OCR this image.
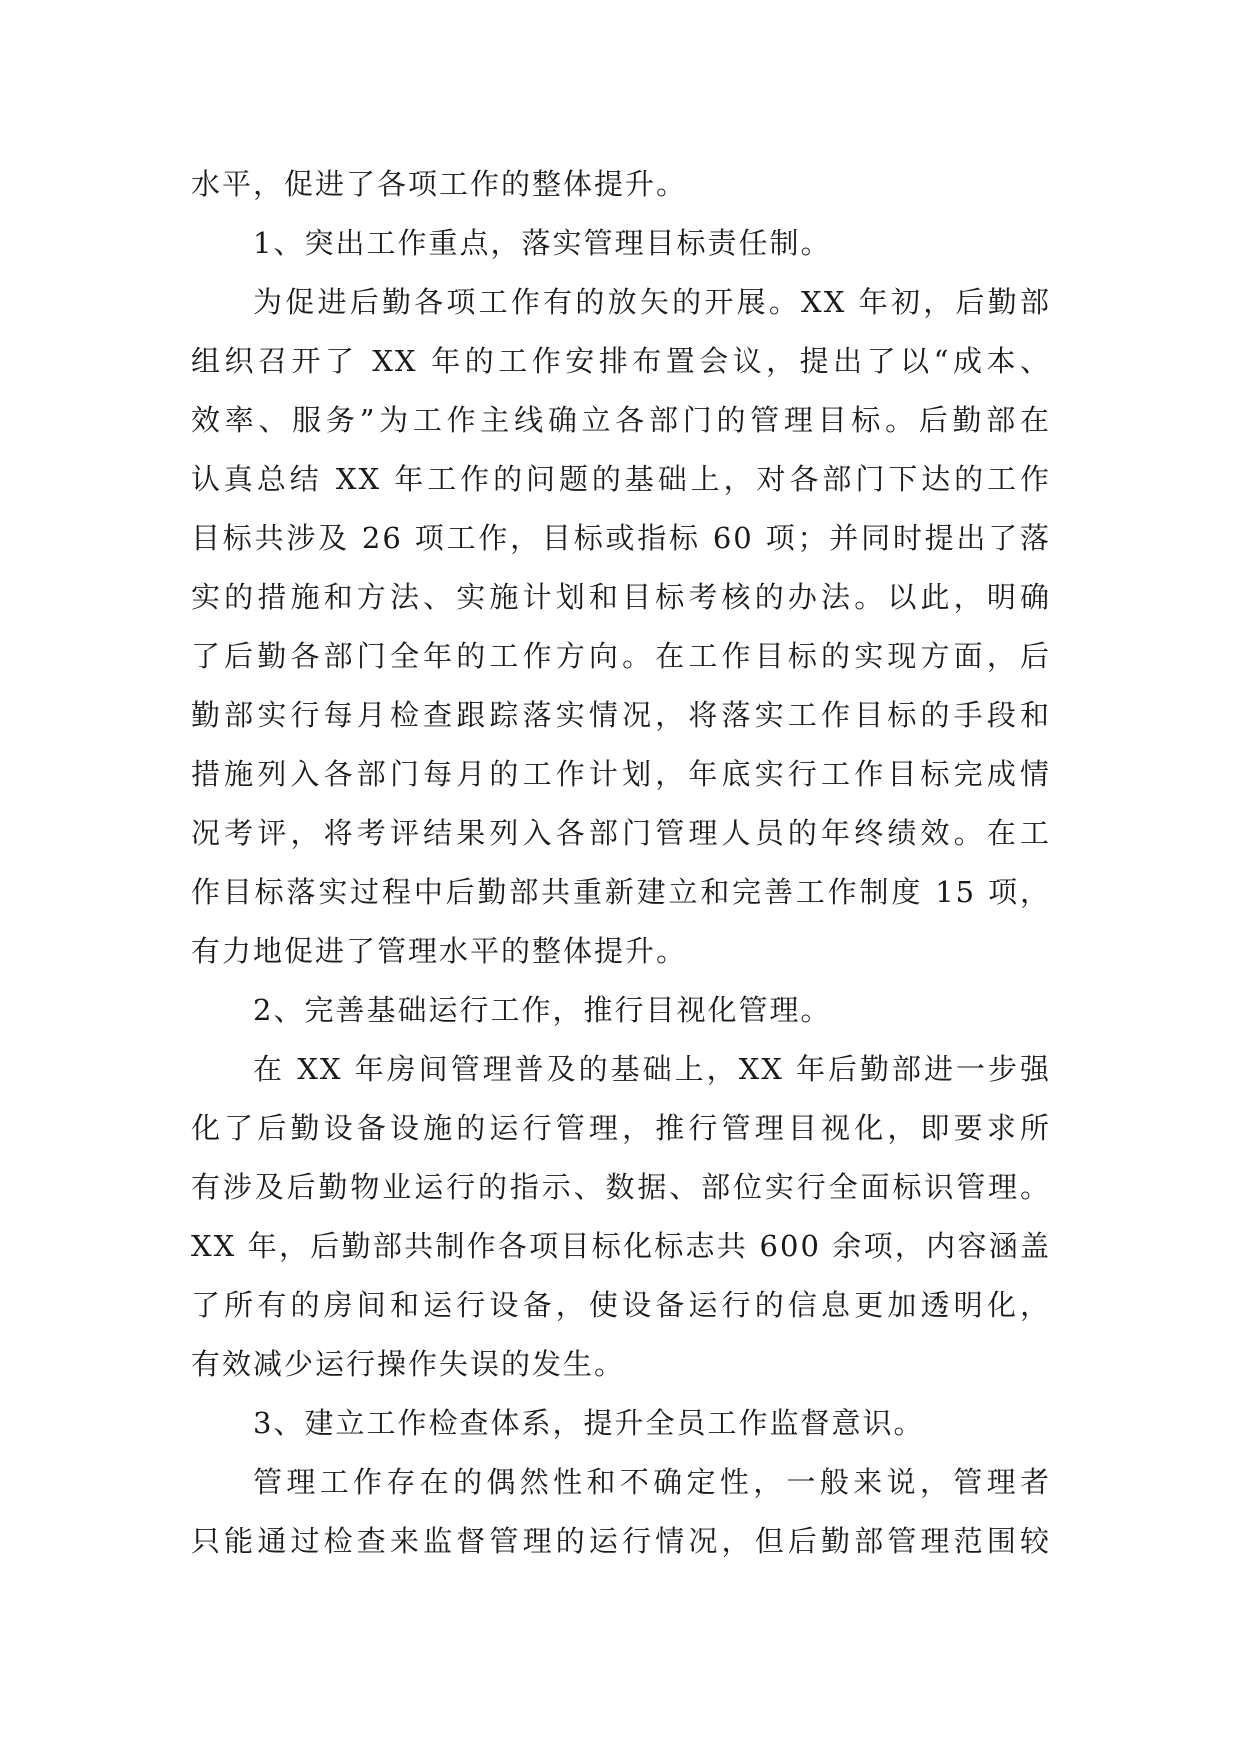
水平，促进了各项工作的整体提升。
1、突出工作重点，落实管理目标责任制。
为促进后勤各项工作有的放矢的开展。XX 年初，后勤部
组织召开了 XX 年的工作安排布置会议，提出了以“成本、
效率、服务”为工作主线确立各部门的管理目标。后勤部在
认真总结 XX 年工作的问题的基础上，对各部门下达的工作
目标共涉及 26 项工作，目标或指标 60 项；并同时提出了落
实的措施和方法、实施计划和目标考核的办法。以此，明确
了后勤各部门全年的工作方向。在工作目标的实现方面，后
勤部实行每月检查跟踪落实情况，将落实工作目标的手段和
措施列入各部门每月的工作计划，年底实行工作目标完成情
况考评，将考评结果列入各部门管理人员的年终绩效。在工
作目标落实过程中后勤部共重新建立和完善工作制度 15 项，
有力地促进了管理水平的整体提升。
2、完善基础运行工作，推行目视化管理。
在 XX 年房间管理普及的基础上，XX 年后勤部进一步强
化了后勤设备设施的运行管理，推行管理目视化，即要求所
有涉及后勤物业运行的指示、数据、部位实行全面标识管理。
XX 年，后勤部共制作各项目标化标志共 600 余项，内容涵盖
了所有的房间和运行设备，使设备运行的信息更加透明化，
有效减少运行操作失误的发生。
3、建立工作检查体系，提升全员工作监督意识。
管理工作存在的偶然性和不确定性，一般来说，管理者
只能通过检查来监督管理的运行情况，但后勤部管理范围较
